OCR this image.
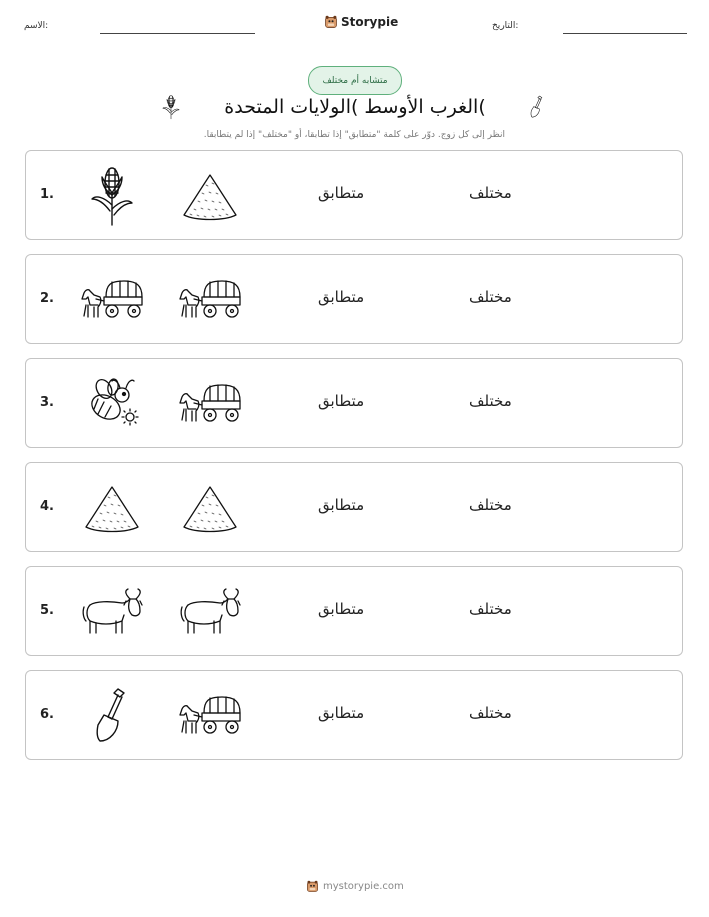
الاسم:	Storypie	التاريخ:
متشابه أم مختلف
الغرب الأوسط )الولايات المتحدة(
انظر إلى كل زوج. دوّر على كلمة "متطابق" إذا تطابقا، أو "مختلف" إذا لم يتطابقا.
1.	متطابق	مختلف
2.	متطابق	مختلف
3.	متطابق	مختلف
4.	متطابق	مختلف
5.	متطابق	مختلف
6.	متطابق	مختلف
mystorypie.com
